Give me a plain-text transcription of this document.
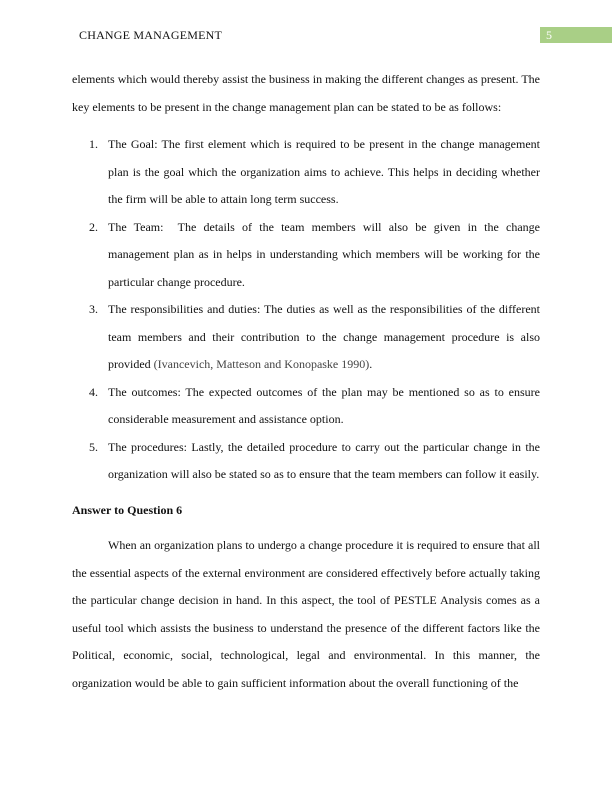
CHANGE MANAGEMENT	5

elements which would thereby assist the business in making the different changes as present. The key elements to be present in the change management plan can be stated to be as follows:

1. The Goal: The first element which is required to be present in the change management plan is the goal which the organization aims to achieve. This helps in deciding whether the firm will be able to attain long term success.
2. The Team:  The details of the team members will also be given in the change management plan as in helps in understanding which members will be working for the particular change procedure.
3. The responsibilities and duties: The duties as well as the responsibilities of the different team members and their contribution to the change management procedure is also provided (Ivancevich, Matteson and Konopaske 1990).
4. The outcomes: The expected outcomes of the plan may be mentioned so as to ensure considerable measurement and assistance option.
5. The procedures: Lastly, the detailed procedure to carry out the particular change in the organization will also be stated so as to ensure that the team members can follow it easily.

Answer to Question 6

When an organization plans to undergo a change procedure it is required to ensure that all the essential aspects of the external environment are considered effectively before actually taking the particular change decision in hand. In this aspect, the tool of PESTLE Analysis comes as a useful tool which assists the business to understand the presence of the different factors like the Political, economic, social, technological, legal and environmental. In this manner, the organization would be able to gain sufficient information about the overall functioning of the
